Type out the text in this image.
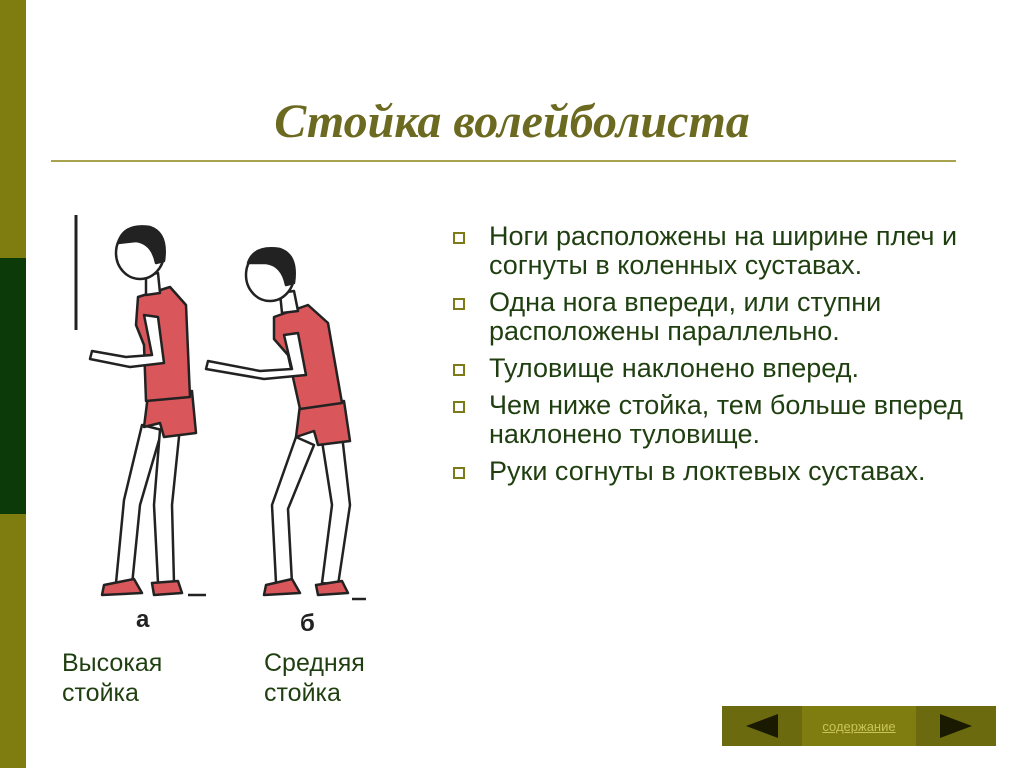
Стойка волейболиста
Ноги расположены на ширине плеч и согнуты в коленных суставах.
Одна нога впереди, или ступни расположены параллельно.
Туловище наклонено вперед.
Чем ниже стойка, тем больше вперед наклонено туловище.
Руки согнуты в локтевых суставах.
а	б
Высокая
стойка
Средняя
стойка
содержание
